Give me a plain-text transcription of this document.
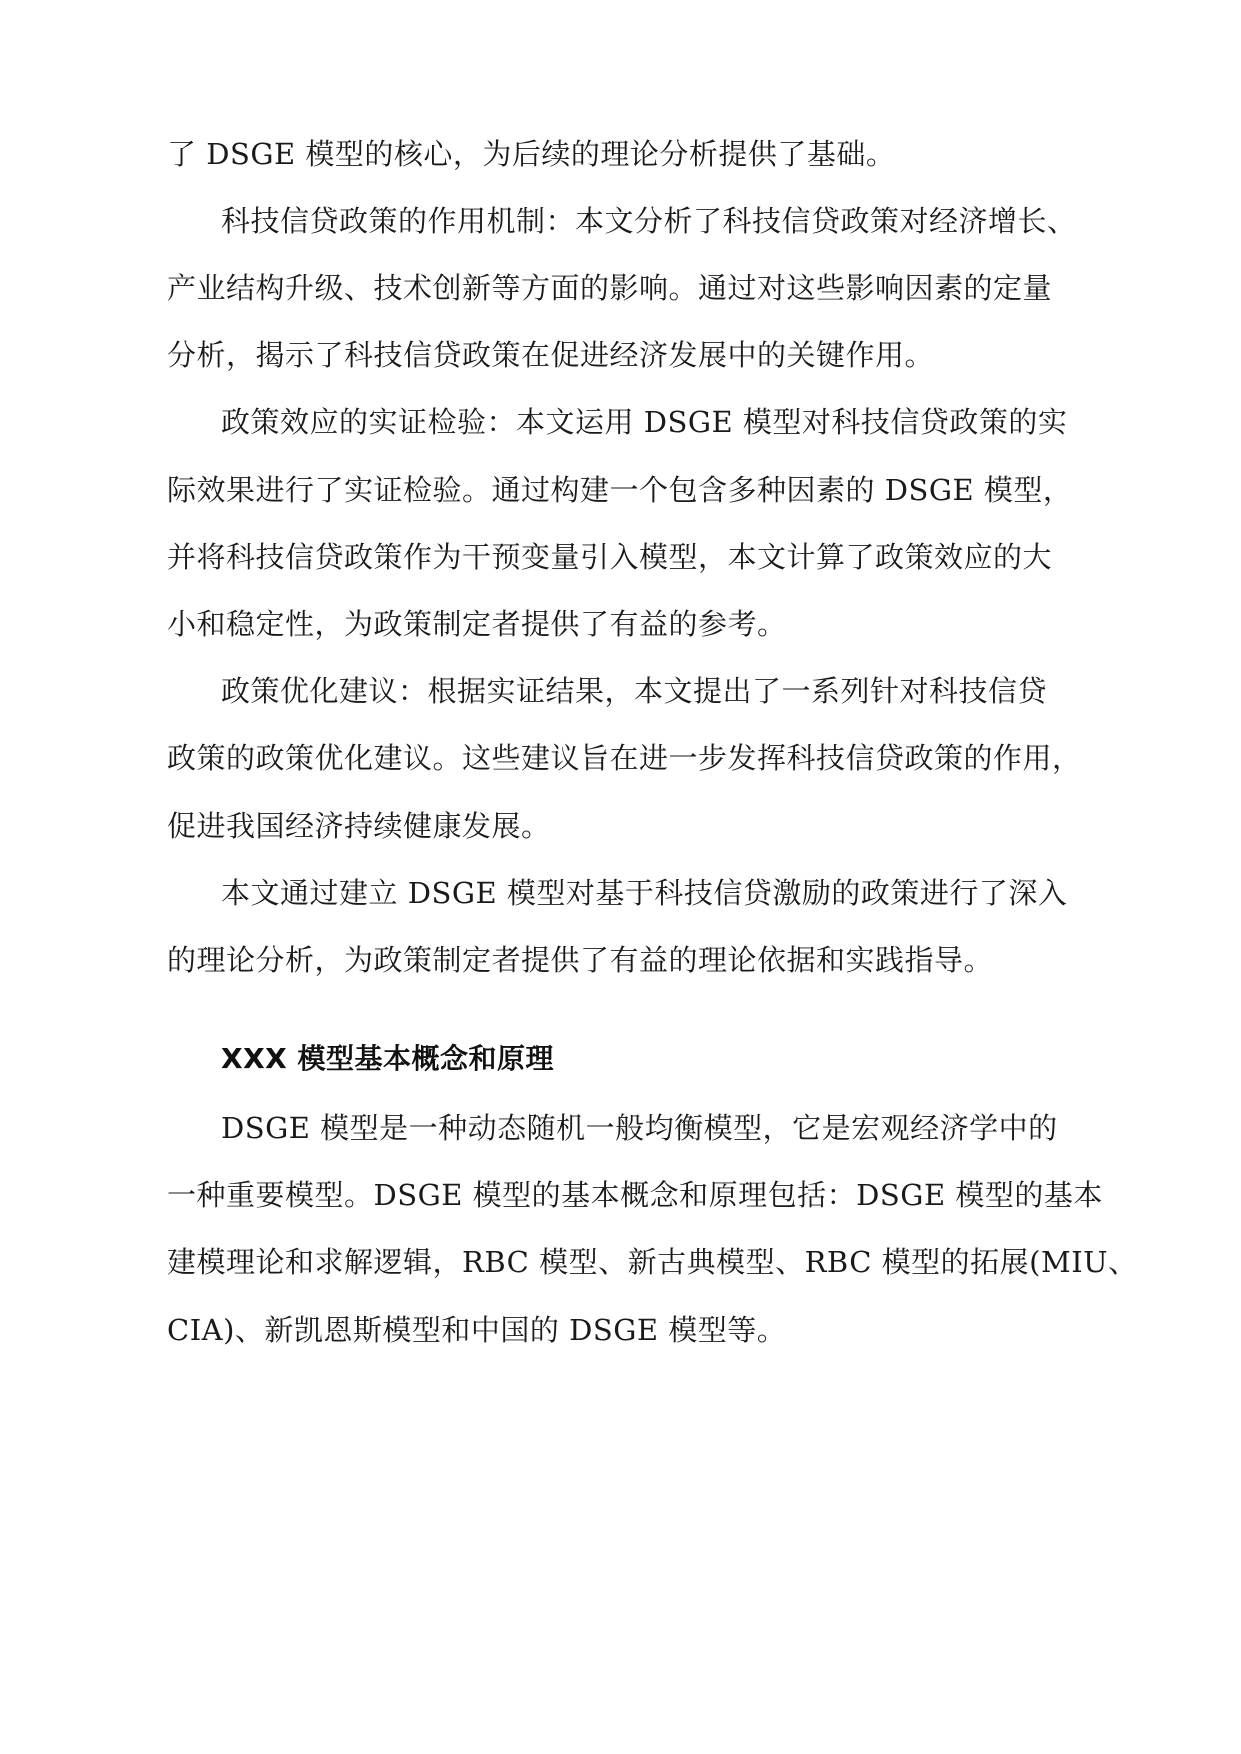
了 DSGE 模型的核心，为后续的理论分析提供了基础。
科技信贷政策的作用机制：本文分析了科技信贷政策对经济增长、
产业结构升级、技术创新等方面的影响。通过对这些影响因素的定量
分析，揭示了科技信贷政策在促进经济发展中的关键作用。
政策效应的实证检验：本文运用 DSGE 模型对科技信贷政策的实
际效果进行了实证检验。通过构建一个包含多种因素的 DSGE 模型，
并将科技信贷政策作为干预变量引入模型，本文计算了政策效应的大
小和稳定性，为政策制定者提供了有益的参考。
政策优化建议：根据实证结果，本文提出了一系列针对科技信贷
政策的政策优化建议。这些建议旨在进一步发挥科技信贷政策的作用，
促进我国经济持续健康发展。
本文通过建立 DSGE 模型对基于科技信贷激励的政策进行了深入
的理论分析，为政策制定者提供了有益的理论依据和实践指导。
XXX 模型基本概念和原理
DSGE 模型是一种动态随机一般均衡模型，它是宏观经济学中的
一种重要模型。DSGE 模型的基本概念和原理包括：DSGE 模型的基本
建模理论和求解逻辑，RBC 模型、新古典模型、RBC 模型的拓展(MIU、
CIA)、新凯恩斯模型和中国的 DSGE 模型等。
